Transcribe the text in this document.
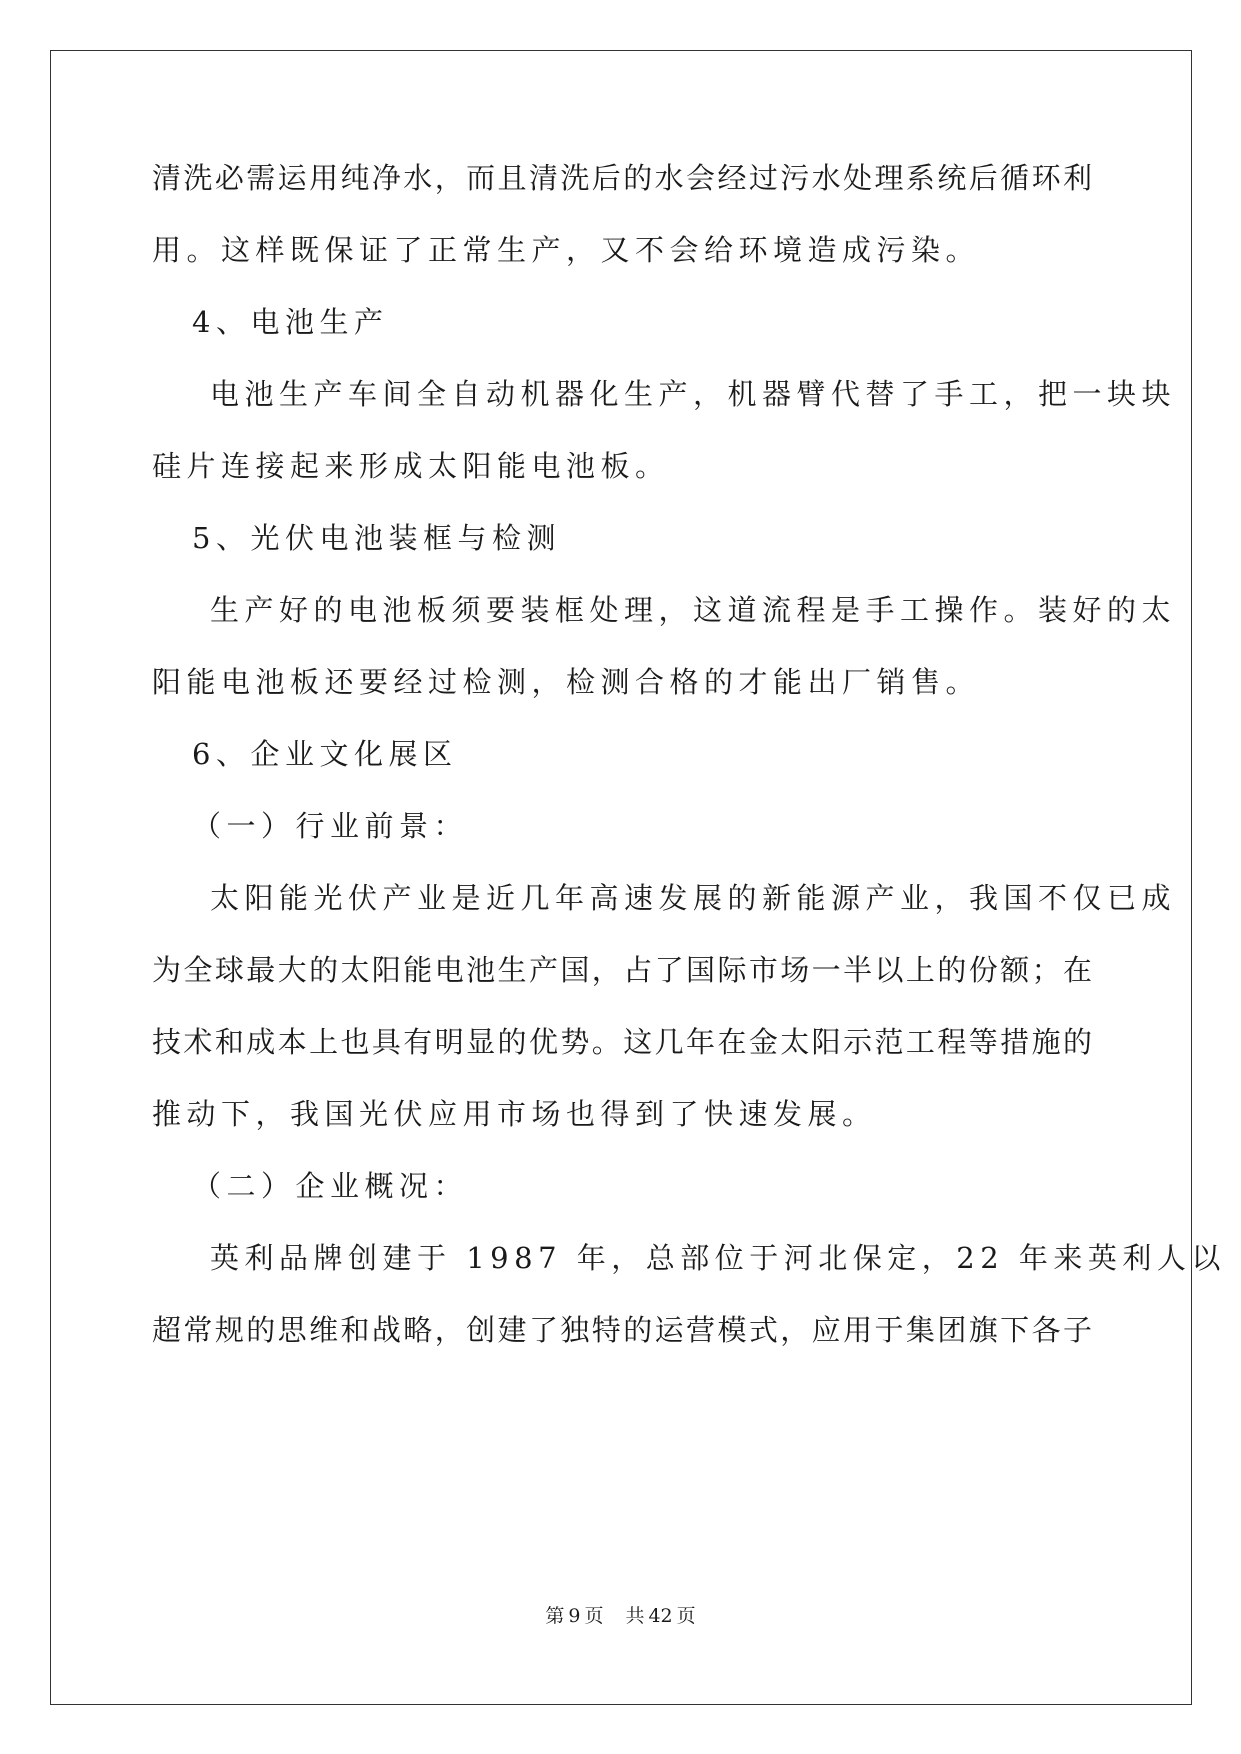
清洗必需运用纯净水，而且清洗后的水会经过污水处理系统后循环利
用。这样既保证了正常生产，又不会给环境造成污染。
4、电池生产
电池生产车间全自动机器化生产，机器臂代替了手工，把一块块
硅片连接起来形成太阳能电池板。
5、光伏电池装框与检测
生产好的电池板须要装框处理，这道流程是手工操作。装好的太
阳能电池板还要经过检测，检测合格的才能出厂销售。
6、企业文化展区
（一）行业前景：
太阳能光伏产业是近几年高速发展的新能源产业，我国不仅已成
为全球最大的太阳能电池生产国，占了国际市场一半以上的份额；在
技术和成本上也具有明显的优势。这几年在金太阳示范工程等措施的
推动下，我国光伏应用市场也得到了快速发展。
（二）企业概况：
英利品牌创建于 1987 年，总部位于河北保定，22 年来英利人以
超常规的思维和战略，创建了独特的运营模式，应用于集团旗下各子
第 9 页 共 42 页
